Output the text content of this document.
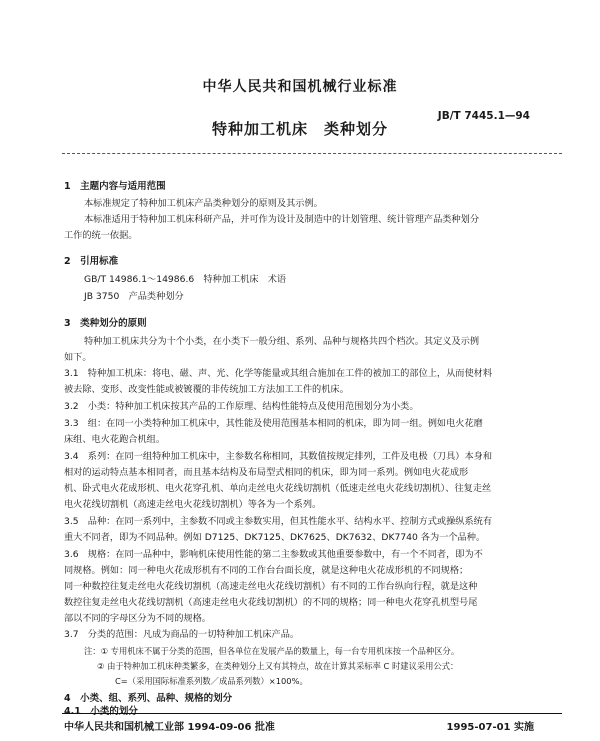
中华人民共和国机械行业标准
JB/T 7445.1—94
特种加工机床　类种划分
1　主题内容与适用范围
本标准规定了特种加工机床产品类种划分的原则及其示例。
本标准适用于特种加工机床科研产品，并可作为设计及制造中的计划管理、统计管理产品类种划分
工作的统一依据。
2　引用标准
GB/T 14986.1～14986.6　特种加工机床　术语
JB 3750　产品类种划分
3　类种划分的原则
特种加工机床共分为十个小类，在小类下一般分组、系列、品种与规格共四个档次。其定义及示例
如下。
3.1　特种加工机床：将电、磁、声、光、化学等能量或其组合施加在工件的被加工的部位上，从而使材料
被去除、变形、改变性能或被镀覆的非传统加工方法加工工件的机床。
3.2　小类：特种加工机床按其产品的工作原理、结构性能特点及使用范围划分为小类。
3.3　组：在同一小类特种加工机床中，其性能及使用范围基本相同的机床，即为同一组。例如电火花磨
床组、电火花跑合机组。
3.4　系列：在同一组特种加工机床中，主参数名称相同，其数值按规定排列，工件及电极（刀具）本身和
相对的运动特点基本相同者，而且基本结构及布局型式相同的机床，即为同一系列。例如电火花成形
机、卧式电火花成形机、电火花穿孔机、单向走丝电火花线切割机（低速走丝电火花线切割机）、往复走丝
电火花线切割机（高速走丝电火花线切割机）等各为一个系列。
3.5　品种：在同一系列中，主参数不同或主参数实用，但其性能水平、结构水平、控制方式或操纵系统有
重大不同者，即为不同品种。例如 D7125、DK7125、DK7625、DK7632、DK7740 各为一个品种。
3.6　规格：在同一品种中，影响机床使用性能的第二主参数或其他重要参数中，有一个不同者，即为不
同规格。例如：同一种电火花成形机有不同的工作台台面长度，就是这种电火花成形机的不同规格；
同一种数控往复走丝电火花线切割机（高速走丝电火花线切割机）有不同的工作台纵向行程，就是这种
数控往复走丝电火花线切割机（高速走丝电火花线切割机）的不同的规格；同一种电火花穿孔机型号尾
部以不同的字母区分为不同的规格。
3.7　分类的范围：凡成为商品的一切特种加工机床产品。
注：① 专用机床不属于分类的范围，但各单位在发展产品的数量上，每一台专用机床按一个品种区分。
② 由于特种加工机床种类繁多，在类种划分上又有其特点，故在计算其采标率 C 时建议采用公式：
C=（采用国际标准系列数／成品系列数）×100%。
4　小类、组、系列、品种、规格的划分
4.1　小类的划分
中华人民共和国机械工业部 1994-09-06 批准	1995-07-01 实施
